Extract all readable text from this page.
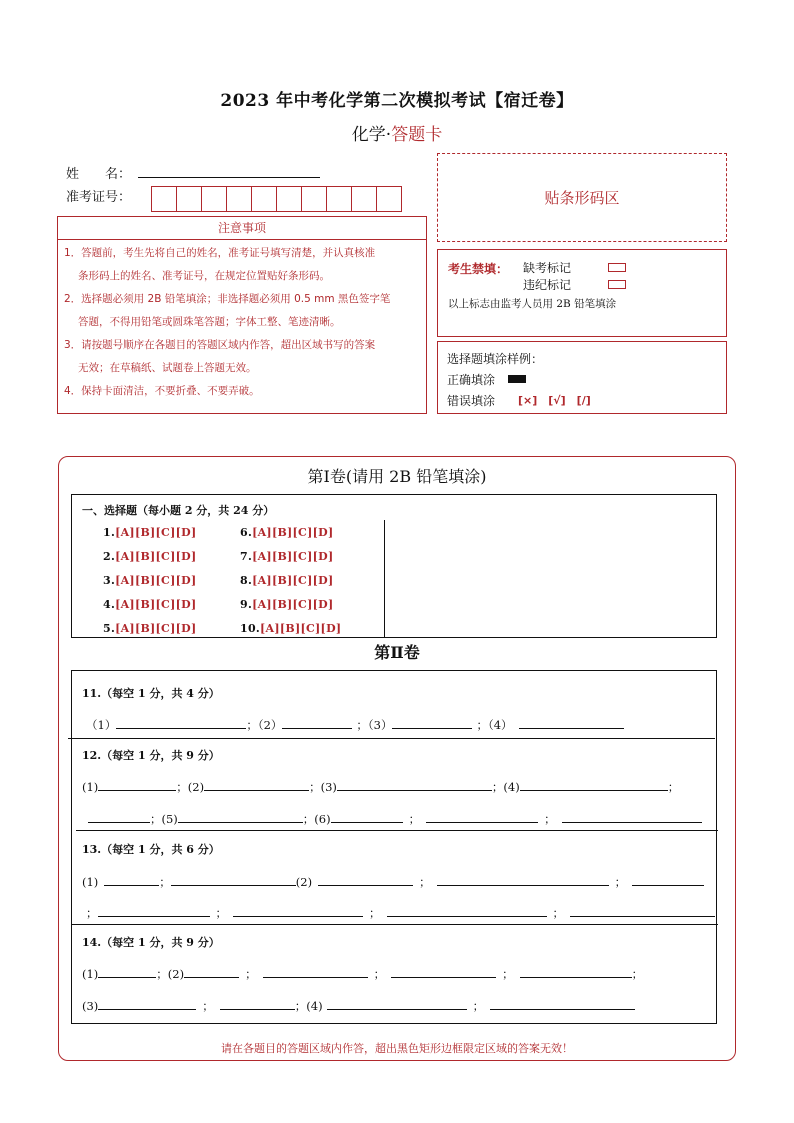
2023 年中考化学第二次模拟考试【宿迁卷】
化学·答题卡
姓　　名：
准考证号：	贴条形码区
注意事项
1．答题前，考生先将自己的姓名，准考证号填写清楚，并认真核准
条形码上的姓名、准考证号，在规定位置贴好条形码。
2．选择题必须用 2B 铅笔填涂；非选择题必须用 0.5 mm 黑色签字笔
答题，不得用铅笔或圆珠笔答题；字体工整、笔迹清晰。
3．请按题号顺序在各题目的答题区域内作答，超出区域书写的答案
无效；在草稿纸、试题卷上答题无效。
4．保持卡面清洁，不要折叠、不要弄破。
考生禁填： 缺考标记
违纪标记
以上标志由监考人员用 2B 铅笔填涂
选择题填涂样例：
正确填涂
错误填涂 [×]　[√]　[/]
第Ⅰ卷(请用 2B 铅笔填涂)
一、选择题（每小题 2 分，共 24 分）
1.[A][B][C][D]
2.[A][B][C][D]
3.[A][B][C][D]
4.[A][B][C][D]
5.[A][B][C][D]
6.[A][B][C][D]
7.[A][B][C][D]
8.[A][B][C][D]
9.[A][B][C][D]
10.[A][B][C][D]
第Ⅱ卷
11.（每空 1 分，共 4 分）
（1）	；（2）	；（3）	；（4）
12.（每空 1 分，共 9 分）
(1)	；(2)	；(3)	；(4)	；
；(5)	；(6)	；	；
13.（每空 1 分，共 6 分）
(1)	；	(2)	；	；
；	；	；	；
14.（每空 1 分，共 9 分）
(1)	；(2)	；	；	；	；
(3)	；	；(4)	；
请在各题目的答题区域内作答，超出黑色矩形边框限定区域的答案无效！
